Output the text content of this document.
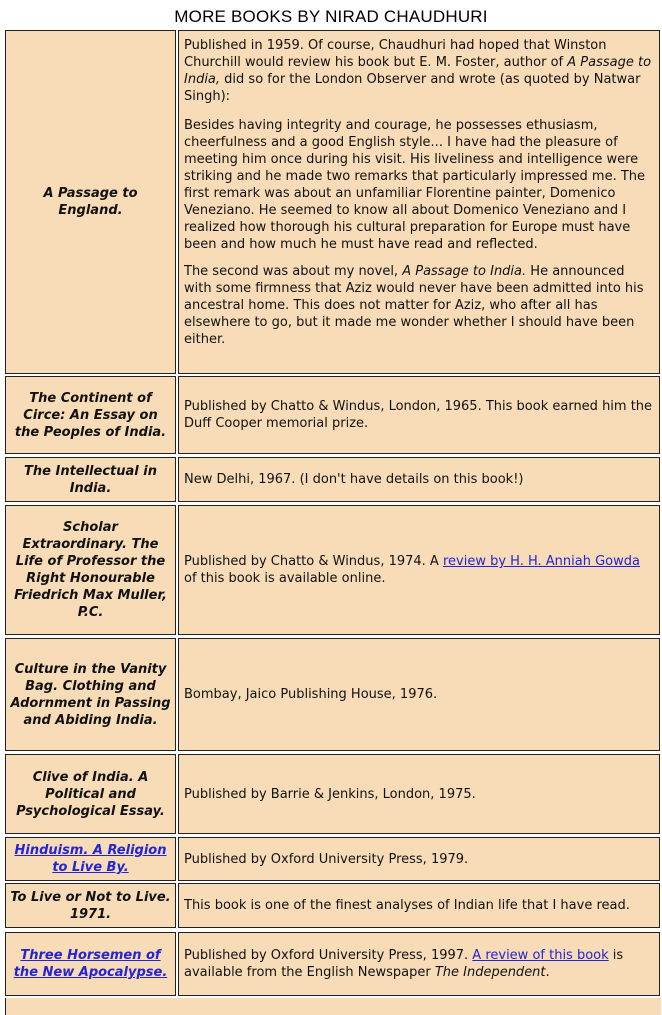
MORE BOOKS BY NIRAD CHAUDHURI
A Passage to England.

Published in 1959. Of course, Chaudhuri had hoped that Winston Churchill would review his book but E. M. Foster, author of A Passage to India, did so for the London Observer and wrote (as quoted by Natwar Singh):

Besides having integrity and courage, he possesses ethusiasm, cheerfulness and a good English style... I have had the pleasure of meeting him once during his visit. His liveliness and intelligence were striking and he made two remarks that particularly impressed me. The first remark was about an unfamiliar Florentine painter, Domenico Veneziano. He seemed to know all about Domenico Veneziano and I realized how thorough his cultural preparation for Europe must have been and how much he must have read and reflected.

The second was about my novel, A Passage to India. He announced with some firmness that Aziz would never have been admitted into his ancestral home. This does not matter for Aziz, who after all has elsewhere to go, but it made me wonder whether I should have been either.

The Continent of Circe: An Essay on the Peoples of India.

Published by Chatto & Windus, London, 1965. This book earned him the Duff Cooper memorial prize.

The Intellectual in India.

New Delhi, 1967. (I don't have details on this book!)

Scholar Extraordinary. The Life of Professor the Right Honourable Friedrich Max Muller, P.C.

Published by Chatto & Windus, 1974. A review by H. H. Anniah Gowda of this book is available online.

Culture in the Vanity Bag. Clothing and Adornment in Passing and Abiding India.

Bombay, Jaico Publishing House, 1976.

Clive of India. A Political and Psychological Essay.

Published by Barrie & Jenkins, London, 1975.

Hinduism. A Religion to Live By.

Published by Oxford University Press, 1979.

To Live or Not to Live. 1971.

This book is one of the finest analyses of Indian life that I have read.

Three Horsemen of the New Apocalypse.

Published by Oxford University Press, 1997. A review of this book is available from the English Newspaper The Independent.
